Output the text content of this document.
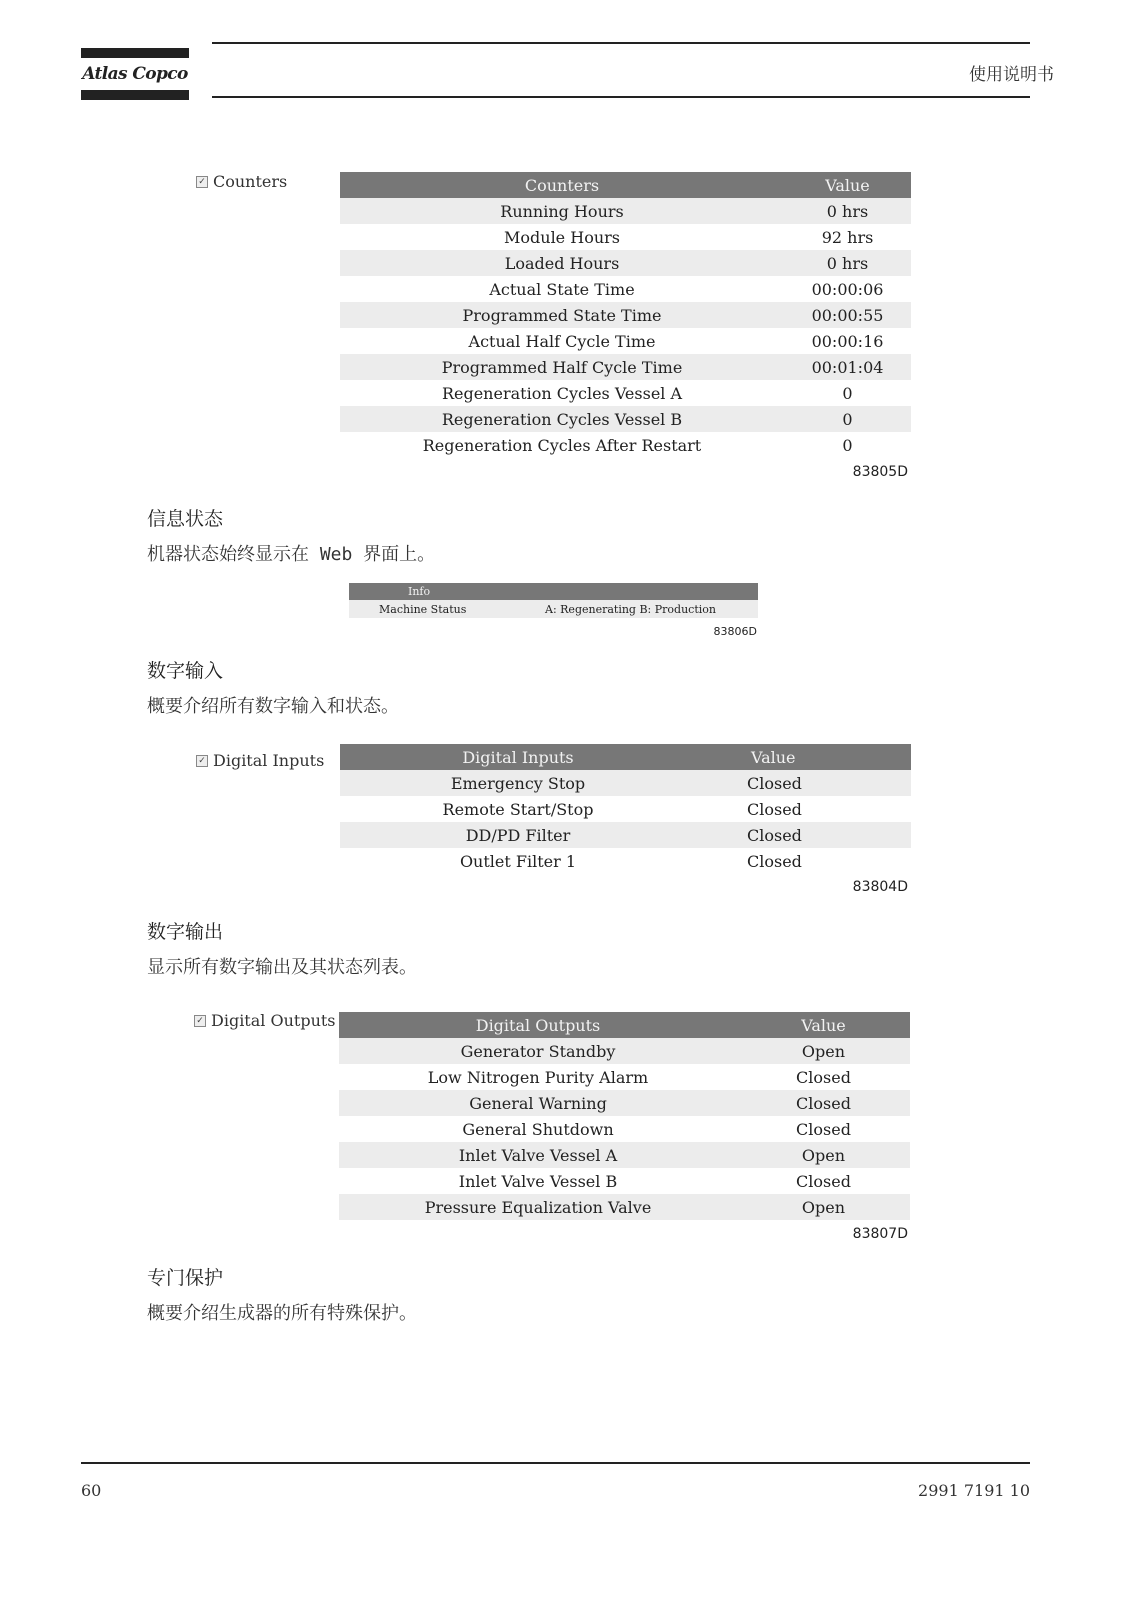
Atlas Copco	使用说明书
✓ Counters	Counters	Value
Running Hours	0 hrs
Module Hours	92 hrs
Loaded Hours	0 hrs
Actual State Time	00:00:06
Programmed State Time	00:00:55
Actual Half Cycle Time	00:00:16
Programmed Half Cycle Time	00:01:04
Regeneration Cycles Vessel A	0
Regeneration Cycles Vessel B	0
Regeneration Cycles After Restart	0
83805D
信息状态
机器状态始终显示在 Web 界面上。
Info
Machine Status	A: Regenerating B: Production
83806D
数字输入
概要介绍所有数字输入和状态。
✓ Digital Inputs	Digital Inputs	Value
Emergency Stop	Closed
Remote Start/Stop	Closed
DD/PD Filter	Closed
Outlet Filter 1	Closed
83804D
数字输出
显示所有数字输出及其状态列表。
✓ Digital Outputs	Digital Outputs	Value
Generator Standby	Open
Low Nitrogen Purity Alarm	Closed
General Warning	Closed
General Shutdown	Closed
Inlet Valve Vessel A	Open
Inlet Valve Vessel B	Closed
Pressure Equalization Valve	Open
83807D
专门保护
概要介绍生成器的所有特殊保护。
60	2991 7191 10
